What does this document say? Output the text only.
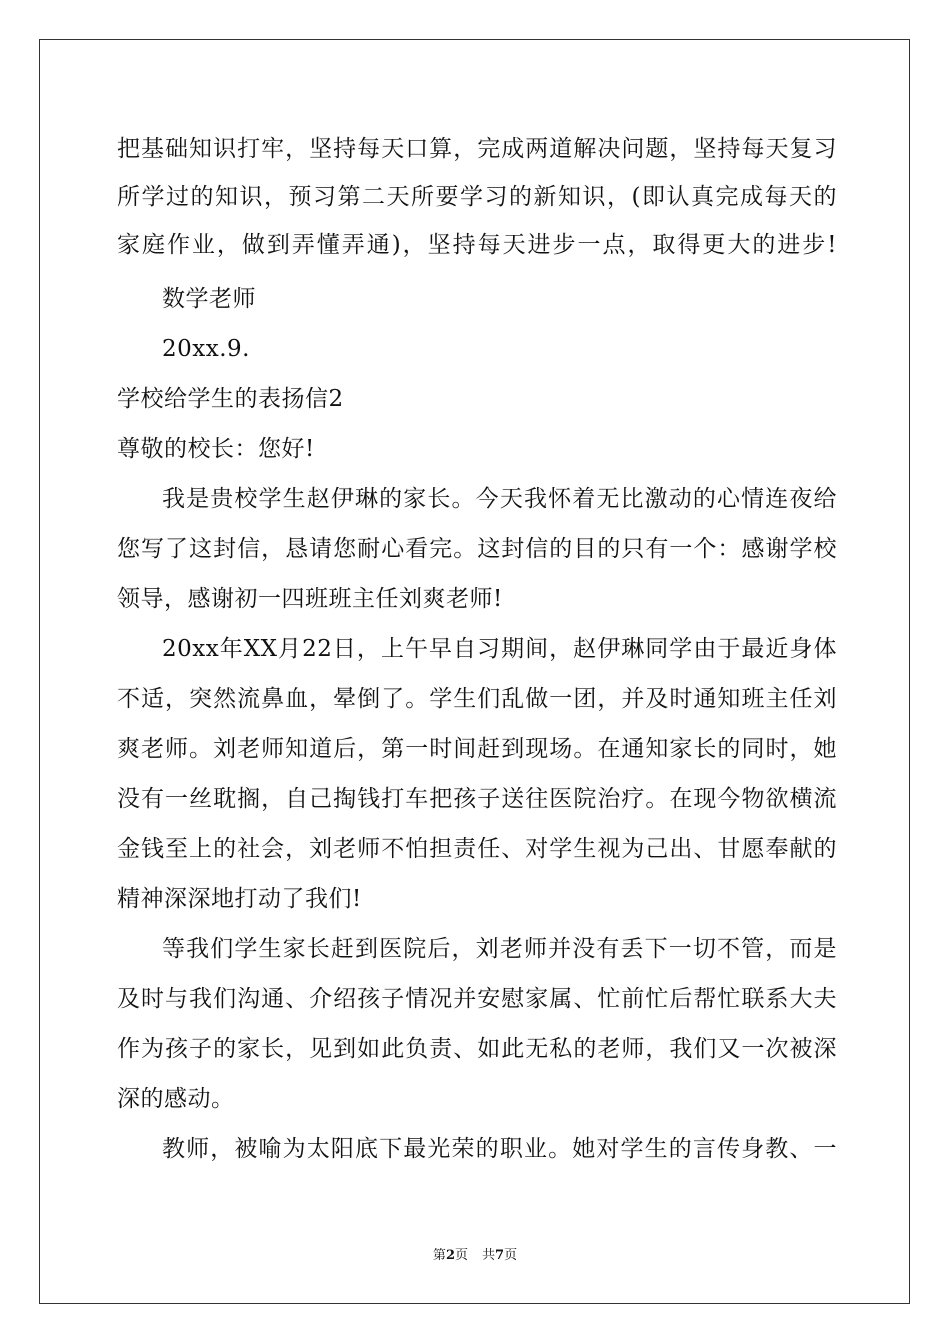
把基础知识打牢，坚持每天口算，完成两道解决问题，坚持每天复习
所学过的知识，预习第二天所要学习的新知识，(即认真完成每天的
家庭作业，做到弄懂弄通)，坚持每天进步一点，取得更大的进步!
数学老师
20xx.9.
学校给学生的表扬信2
尊敬的校长：您好!
我是贵校学生赵伊琳的家长。今天我怀着无比激动的心情连夜给
您写了这封信，恳请您耐心看完。这封信的目的只有一个：感谢学校
领导，感谢初一四班班主任刘爽老师!
20xx年XX月22日，上午早自习期间，赵伊琳同学由于最近身体
不适，突然流鼻血，晕倒了。学生们乱做一团，并及时通知班主任刘
爽老师。刘老师知道后，第一时间赶到现场。在通知家长的同时，她
没有一丝耽搁，自己掏钱打车把孩子送往医院治疗。在现今物欲横流
金钱至上的社会，刘老师不怕担责任、对学生视为己出、甘愿奉献的
精神深深地打动了我们!
等我们学生家长赶到医院后，刘老师并没有丢下一切不管，而是
及时与我们沟通、介绍孩子情况并安慰家属、忙前忙后帮忙联系大夫
作为孩子的家长，见到如此负责、如此无私的老师，我们又一次被深
深的感动。
教师，被喻为太阳底下最光荣的职业。她对学生的言传身教、一
第2页 共7页
